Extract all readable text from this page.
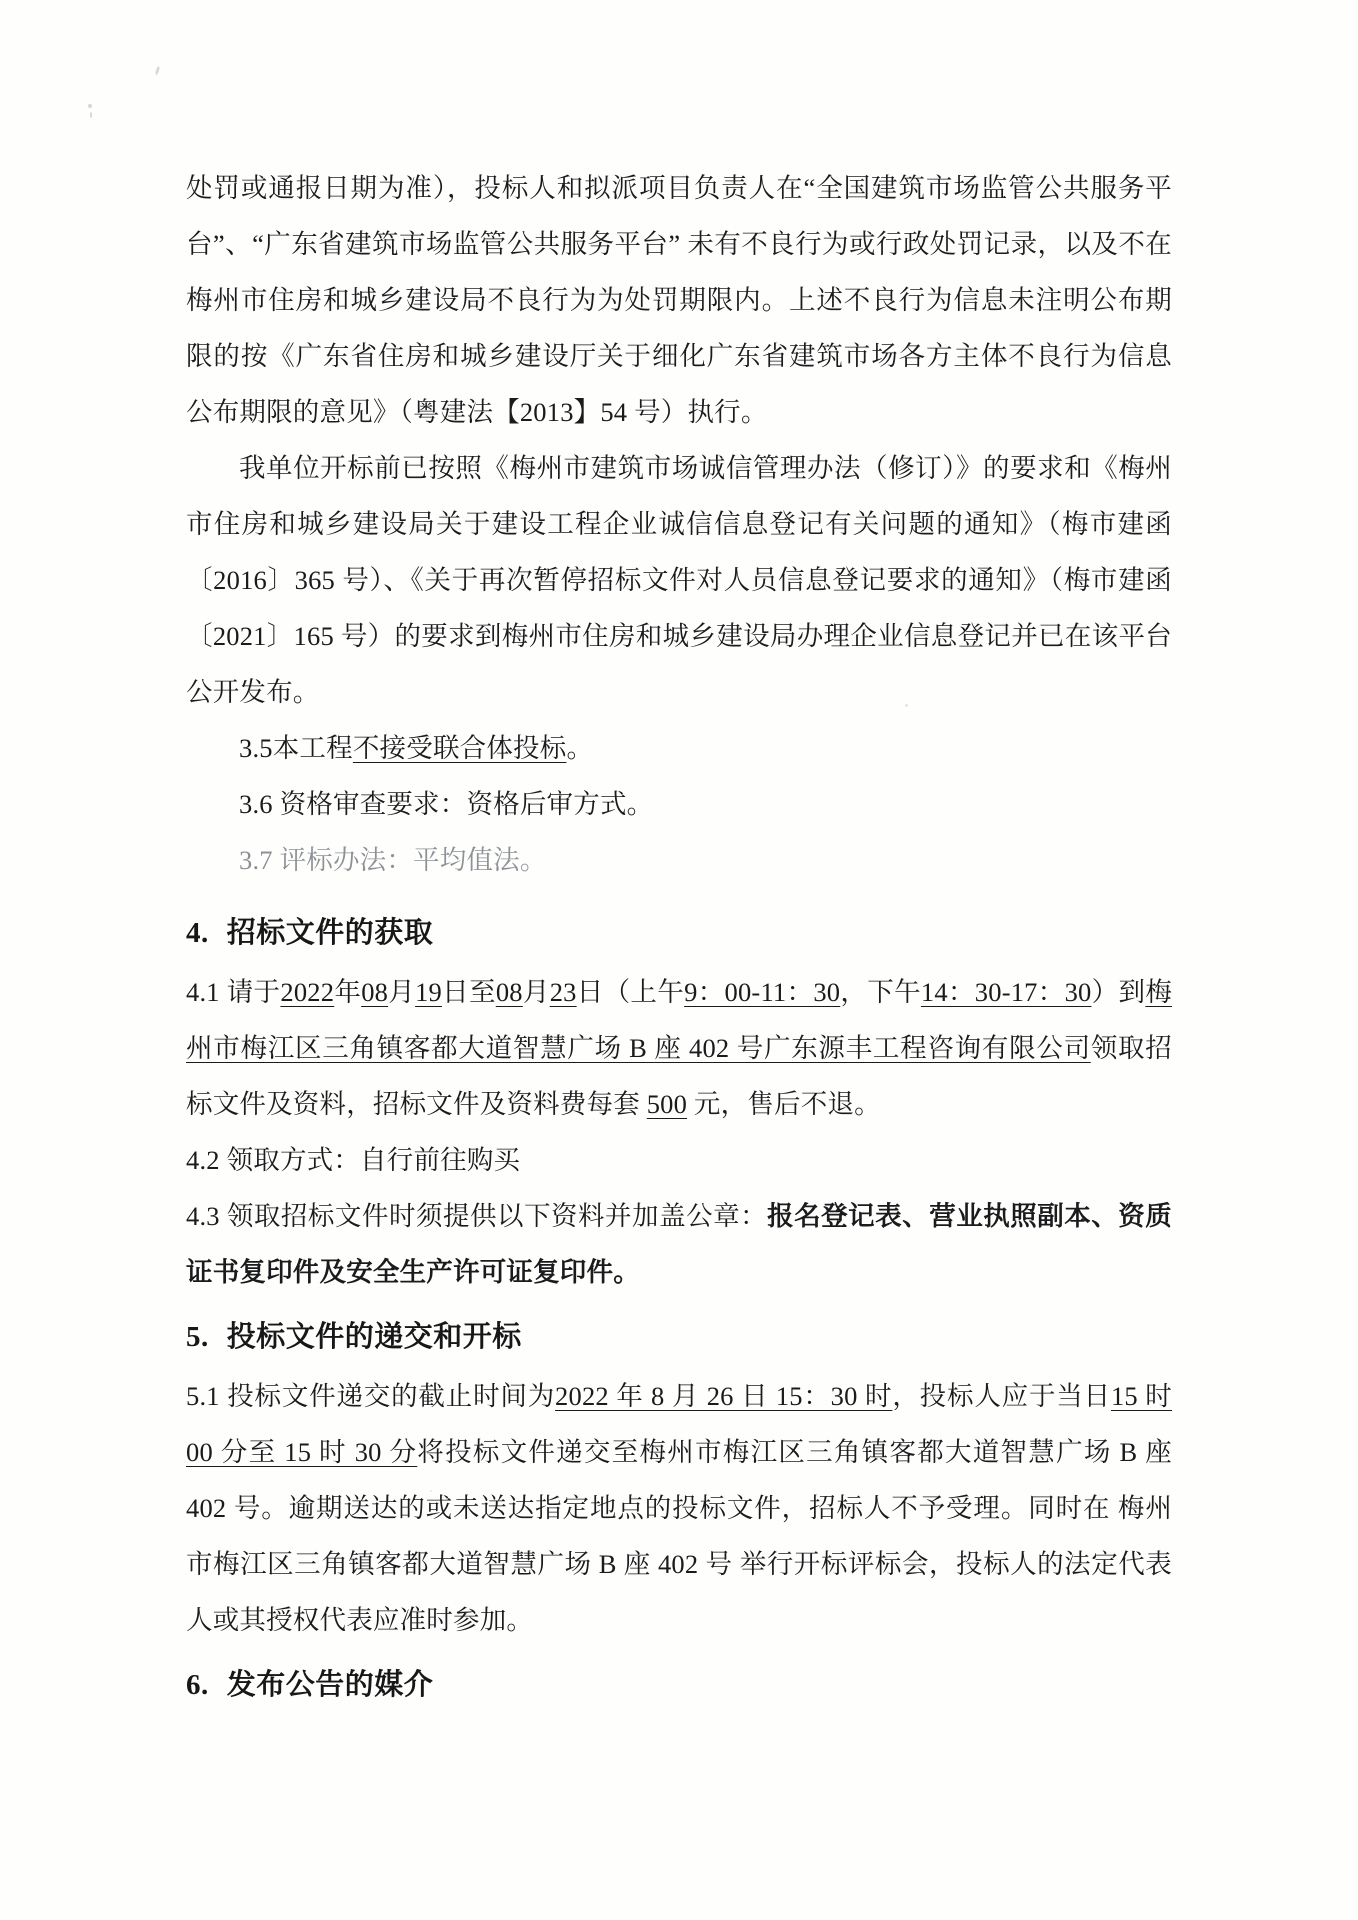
处罚或通报日期为准），投标人和拟派项目负责人在“全国建筑市场监管公共服务平台”、“广东省建筑市场监管公共服务平台” 未有不良行为或行政处罚记录，以及不在梅州市住房和城乡建设局不良行为为处罚期限内。上述不良行为信息未注明公布期限的按《广东省住房和城乡建设厅关于细化广东省建筑市场各方主体不良行为信息公布期限的意见》（粤建法【2013】54 号）执行。

我单位开标前已按照《梅州市建筑市场诚信管理办法（修订）》的要求和《梅州市住房和城乡建设局关于建设工程企业诚信信息登记有关问题的通知》（梅市建函〔2016〕365 号）、《关于再次暂停招标文件对人员信息登记要求的通知》（梅市建函〔2021〕165 号）的要求到梅州市住房和城乡建设局办理企业信息登记并已在该平台公开发布。

3.5本工程不接受联合体投标。

3.6 资格审查要求：资格后审方式。

3.7 评标办法：平均值法。

4. 招标文件的获取

4.1 请于2022年08月19日至08月23日（上午9：00-11：30，下午14：30-17：30）到梅州市梅江区三角镇客都大道智慧广场 B 座 402 号广东源丰工程咨询有限公司领取招标文件及资料，招标文件及资料费每套 500 元，售后不退。

4.2 领取方式：自行前往购买

4.3 领取招标文件时须提供以下资料并加盖公章：报名登记表、营业执照副本、资质证书复印件及安全生产许可证复印件。

5. 投标文件的递交和开标

5.1 投标文件递交的截止时间为2022 年 8 月 26 日 15：30 时，投标人应于当日15 时 00 分至 15 时 30 分将投标文件递交至梅州市梅江区三角镇客都大道智慧广场 B 座 402 号。逾期送达的或未送达指定地点的投标文件，招标人不予受理。同时在 梅州市梅江区三角镇客都大道智慧广场 B 座 402 号 举行开标评标会，投标人的法定代表人或其授权代表应准时参加。

6. 发布公告的媒介
